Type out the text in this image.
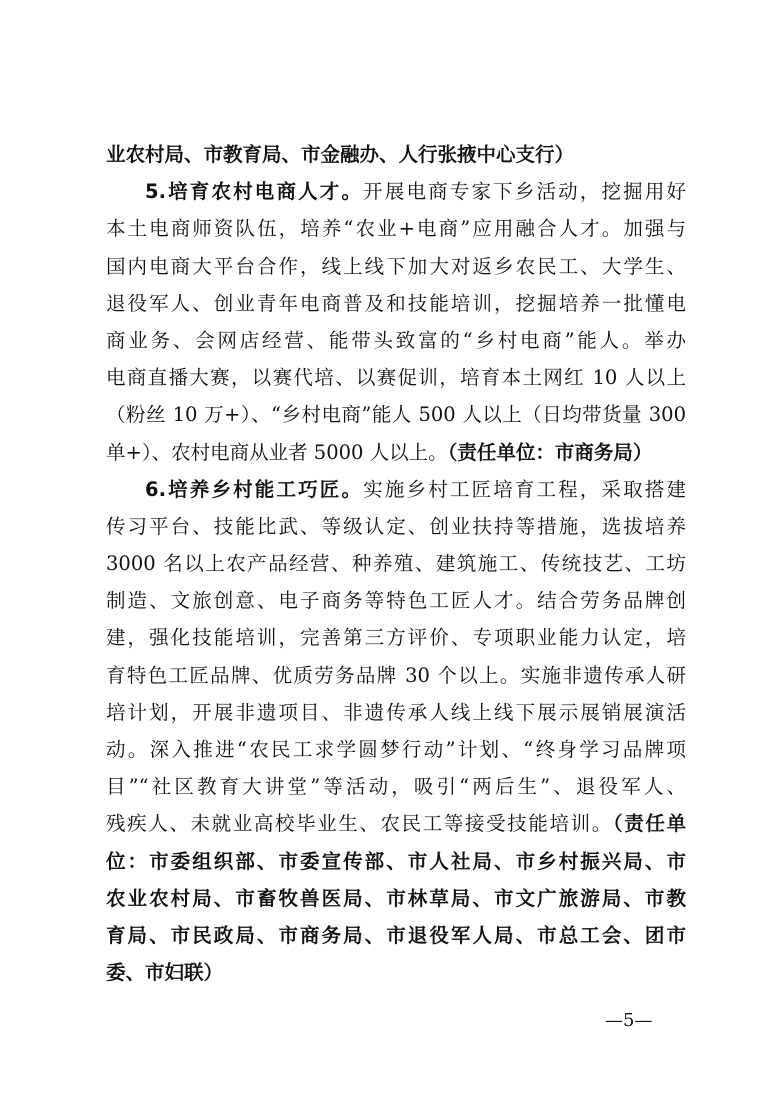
业农村局、市教育局、市金融办、人行张掖中心支行）
5.培育农村电商人才。开展电商专家下乡活动，挖掘用好
本土电商师资队伍，培养“农业+电商”应用融合人才。加强与
国内电商大平台合作，线上线下加大对返乡农民工、大学生、
退役军人、创业青年电商普及和技能培训，挖掘培养一批懂电
商业务、会网店经营、能带头致富的“乡村电商”能人。举办
电商直播大赛，以赛代培、以赛促训，培育本土网红 10 人以上
（粉丝 10 万+）、“乡村电商”能人 500 人以上（日均带货量 300
单+）、农村电商从业者 5000 人以上。（责任单位：市商务局）
6.培养乡村能工巧匠。实施乡村工匠培育工程，采取搭建
传习平台、技能比武、等级认定、创业扶持等措施，选拔培养
3000 名以上农产品经营、种养殖、建筑施工、传统技艺、工坊
制造、文旅创意、电子商务等特色工匠人才。结合劳务品牌创
建，强化技能培训，完善第三方评价、专项职业能力认定，培
育特色工匠品牌、优质劳务品牌 30 个以上。实施非遗传承人研
培计划，开展非遗项目、非遗传承人线上线下展示展销展演活
动。深入推进“农民工求学圆梦行动”计划、“终身学习品牌项
目”“社区教育大讲堂”等活动，吸引“两后生”、退役军人、
残疾人、未就业高校毕业生、农民工等接受技能培训。（责任单
位：市委组织部、市委宣传部、市人社局、市乡村振兴局、市
农业农村局、市畜牧兽医局、市林草局、市文广旅游局、市教
育局、市民政局、市商务局、市退役军人局、市总工会、团市
委、市妇联）
—5—
